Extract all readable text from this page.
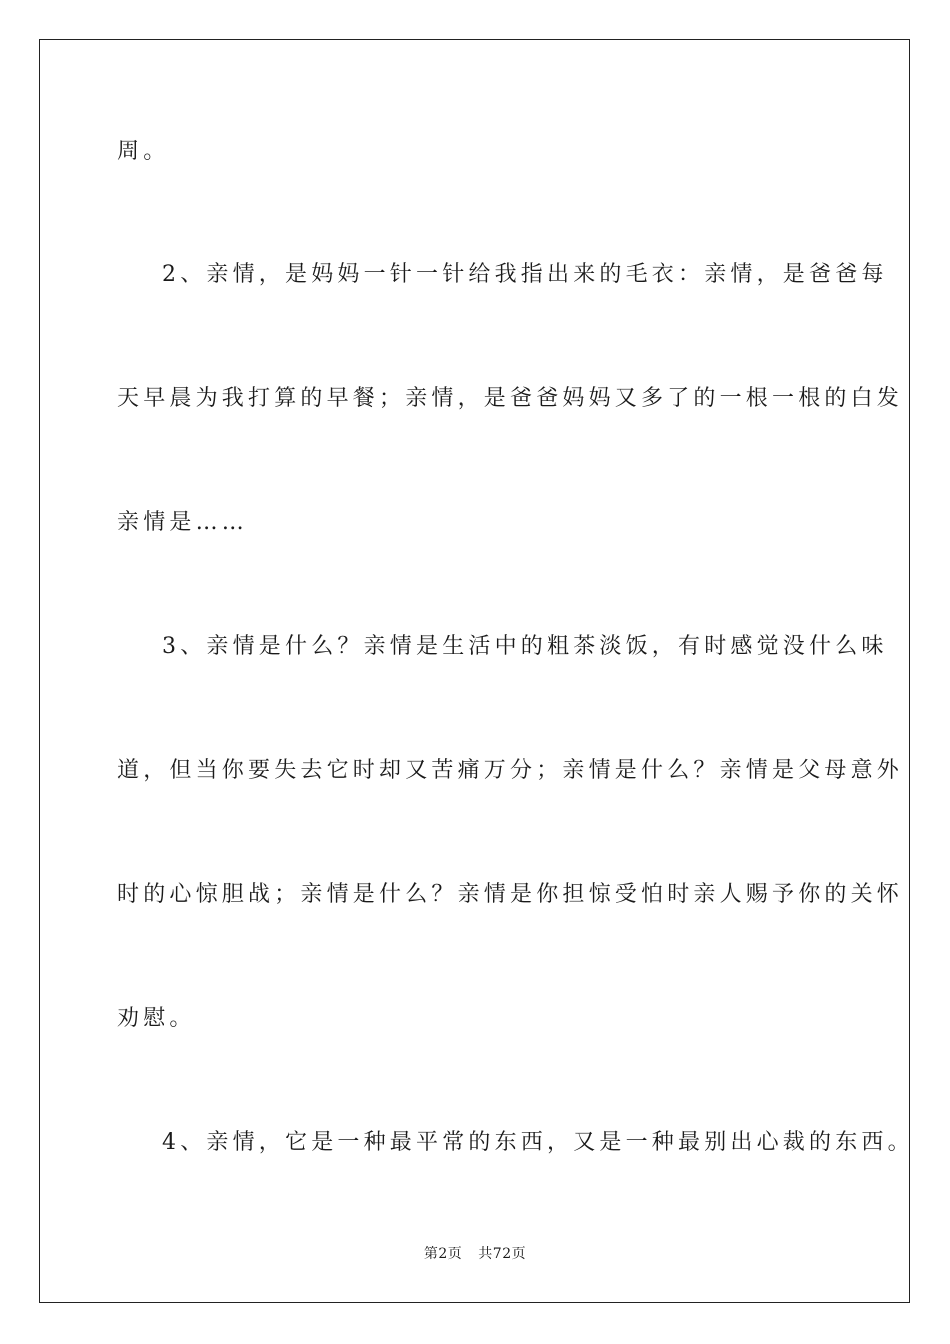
周。
2、亲情，是妈妈一针一针给我指出来的毛衣：亲情，是爸爸每
天早晨为我打算的早餐；亲情，是爸爸妈妈又多了的一根一根的白发
亲情是……
3、亲情是什么？亲情是生活中的粗茶淡饭，有时感觉没什么味
道，但当你要失去它时却又苦痛万分；亲情是什么？亲情是父母意外
时的心惊胆战；亲情是什么？亲情是你担惊受怕时亲人赐予你的关怀
劝慰。
4、亲情，它是一种最平常的东西，又是一种最别出心裁的东西。
第2页 共72页
